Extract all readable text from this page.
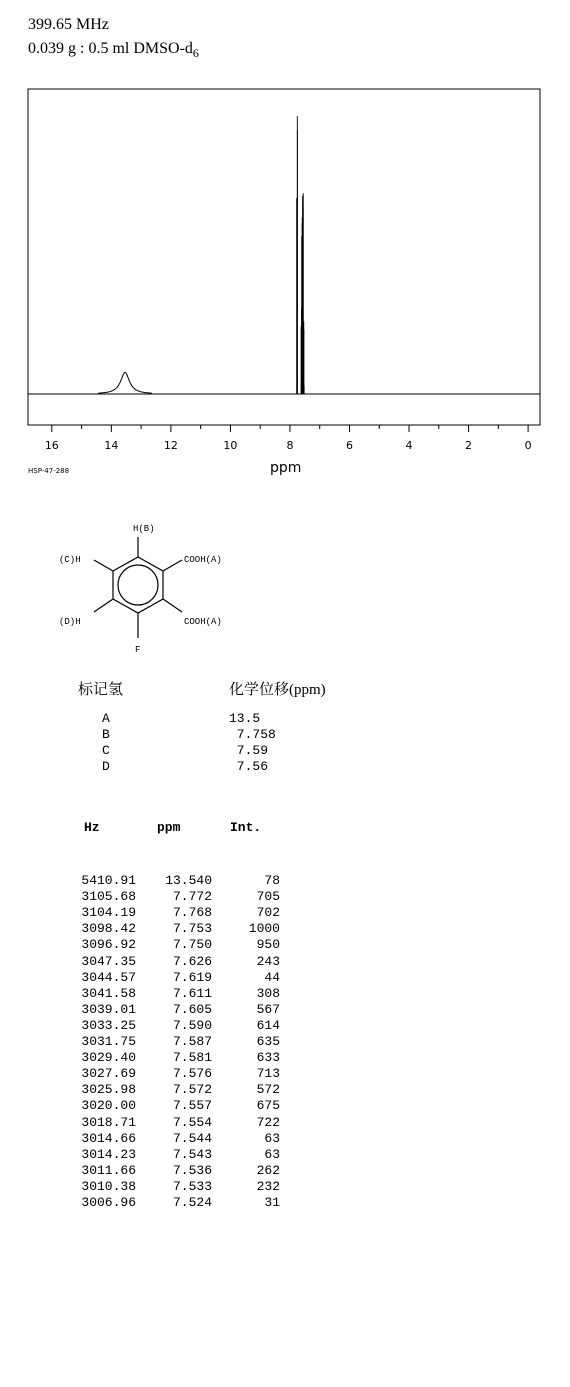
399.65 MHz
0.039 g : 0.5 ml DMSO-$d_6$
16	14	12	10	8	6	4	2	0
HSP-47-288	ppm
H(B)
(C)H
(D)H
COOH(A)
COOH(A)
F
标记氢	化学位移(ppm)
A	13.5
B	7.758
C	7.59
D	7.56
Hz	ppm	Int.
5410.91	13.540	78
3105.68	7.772	705
3104.19	7.768	702
3098.42	7.753	1000
3096.92	7.750	950
3047.35	7.626	243
3044.57	7.619	44
3041.58	7.611	308
3039.01	7.605	567
3033.25	7.590	614
3031.75	7.587	635
3029.40	7.581	633
3027.69	7.576	713
3025.98	7.572	572
3020.00	7.557	675
3018.71	7.554	722
3014.66	7.544	63
3014.23	7.543	63
3011.66	7.536	262
3010.38	7.533	232
3006.96	7.524	31
